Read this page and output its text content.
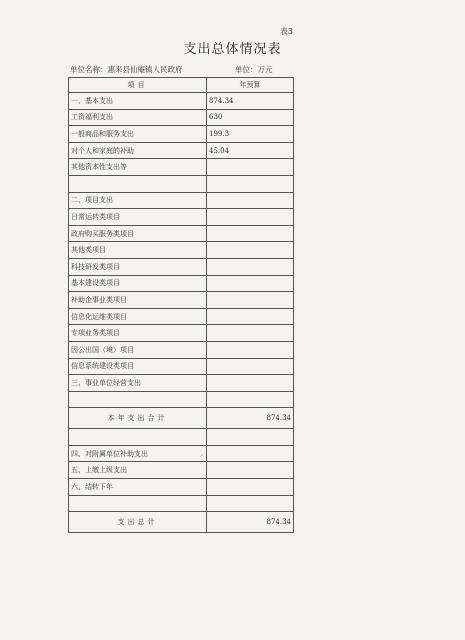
表3
支出总体情况表
单位名称：惠来县仙庵镇人民政府	单位：万元
项目	年预算
一、基本支出	874.34
工资福利支出	630
一般商品和服务支出	199.3
对个人和家庭的补助	45.04
其他资本性支出等	

二、项目支出	
日常运转类项目	
政府购买服务类项目	
其他类项目	
科技研发类项目	
基本建设类项目	
补助企事业类项目	
信息化运维类项目	
专项业务类项目	
因公出国（境）项目	
信息系统建设类项目	
三、事业单位经营支出	

本年支出合计	874.34

四、对附属单位补助支出	
五、上缴上级支出	
六、结转下年	

支出总计	874.34
⸝
